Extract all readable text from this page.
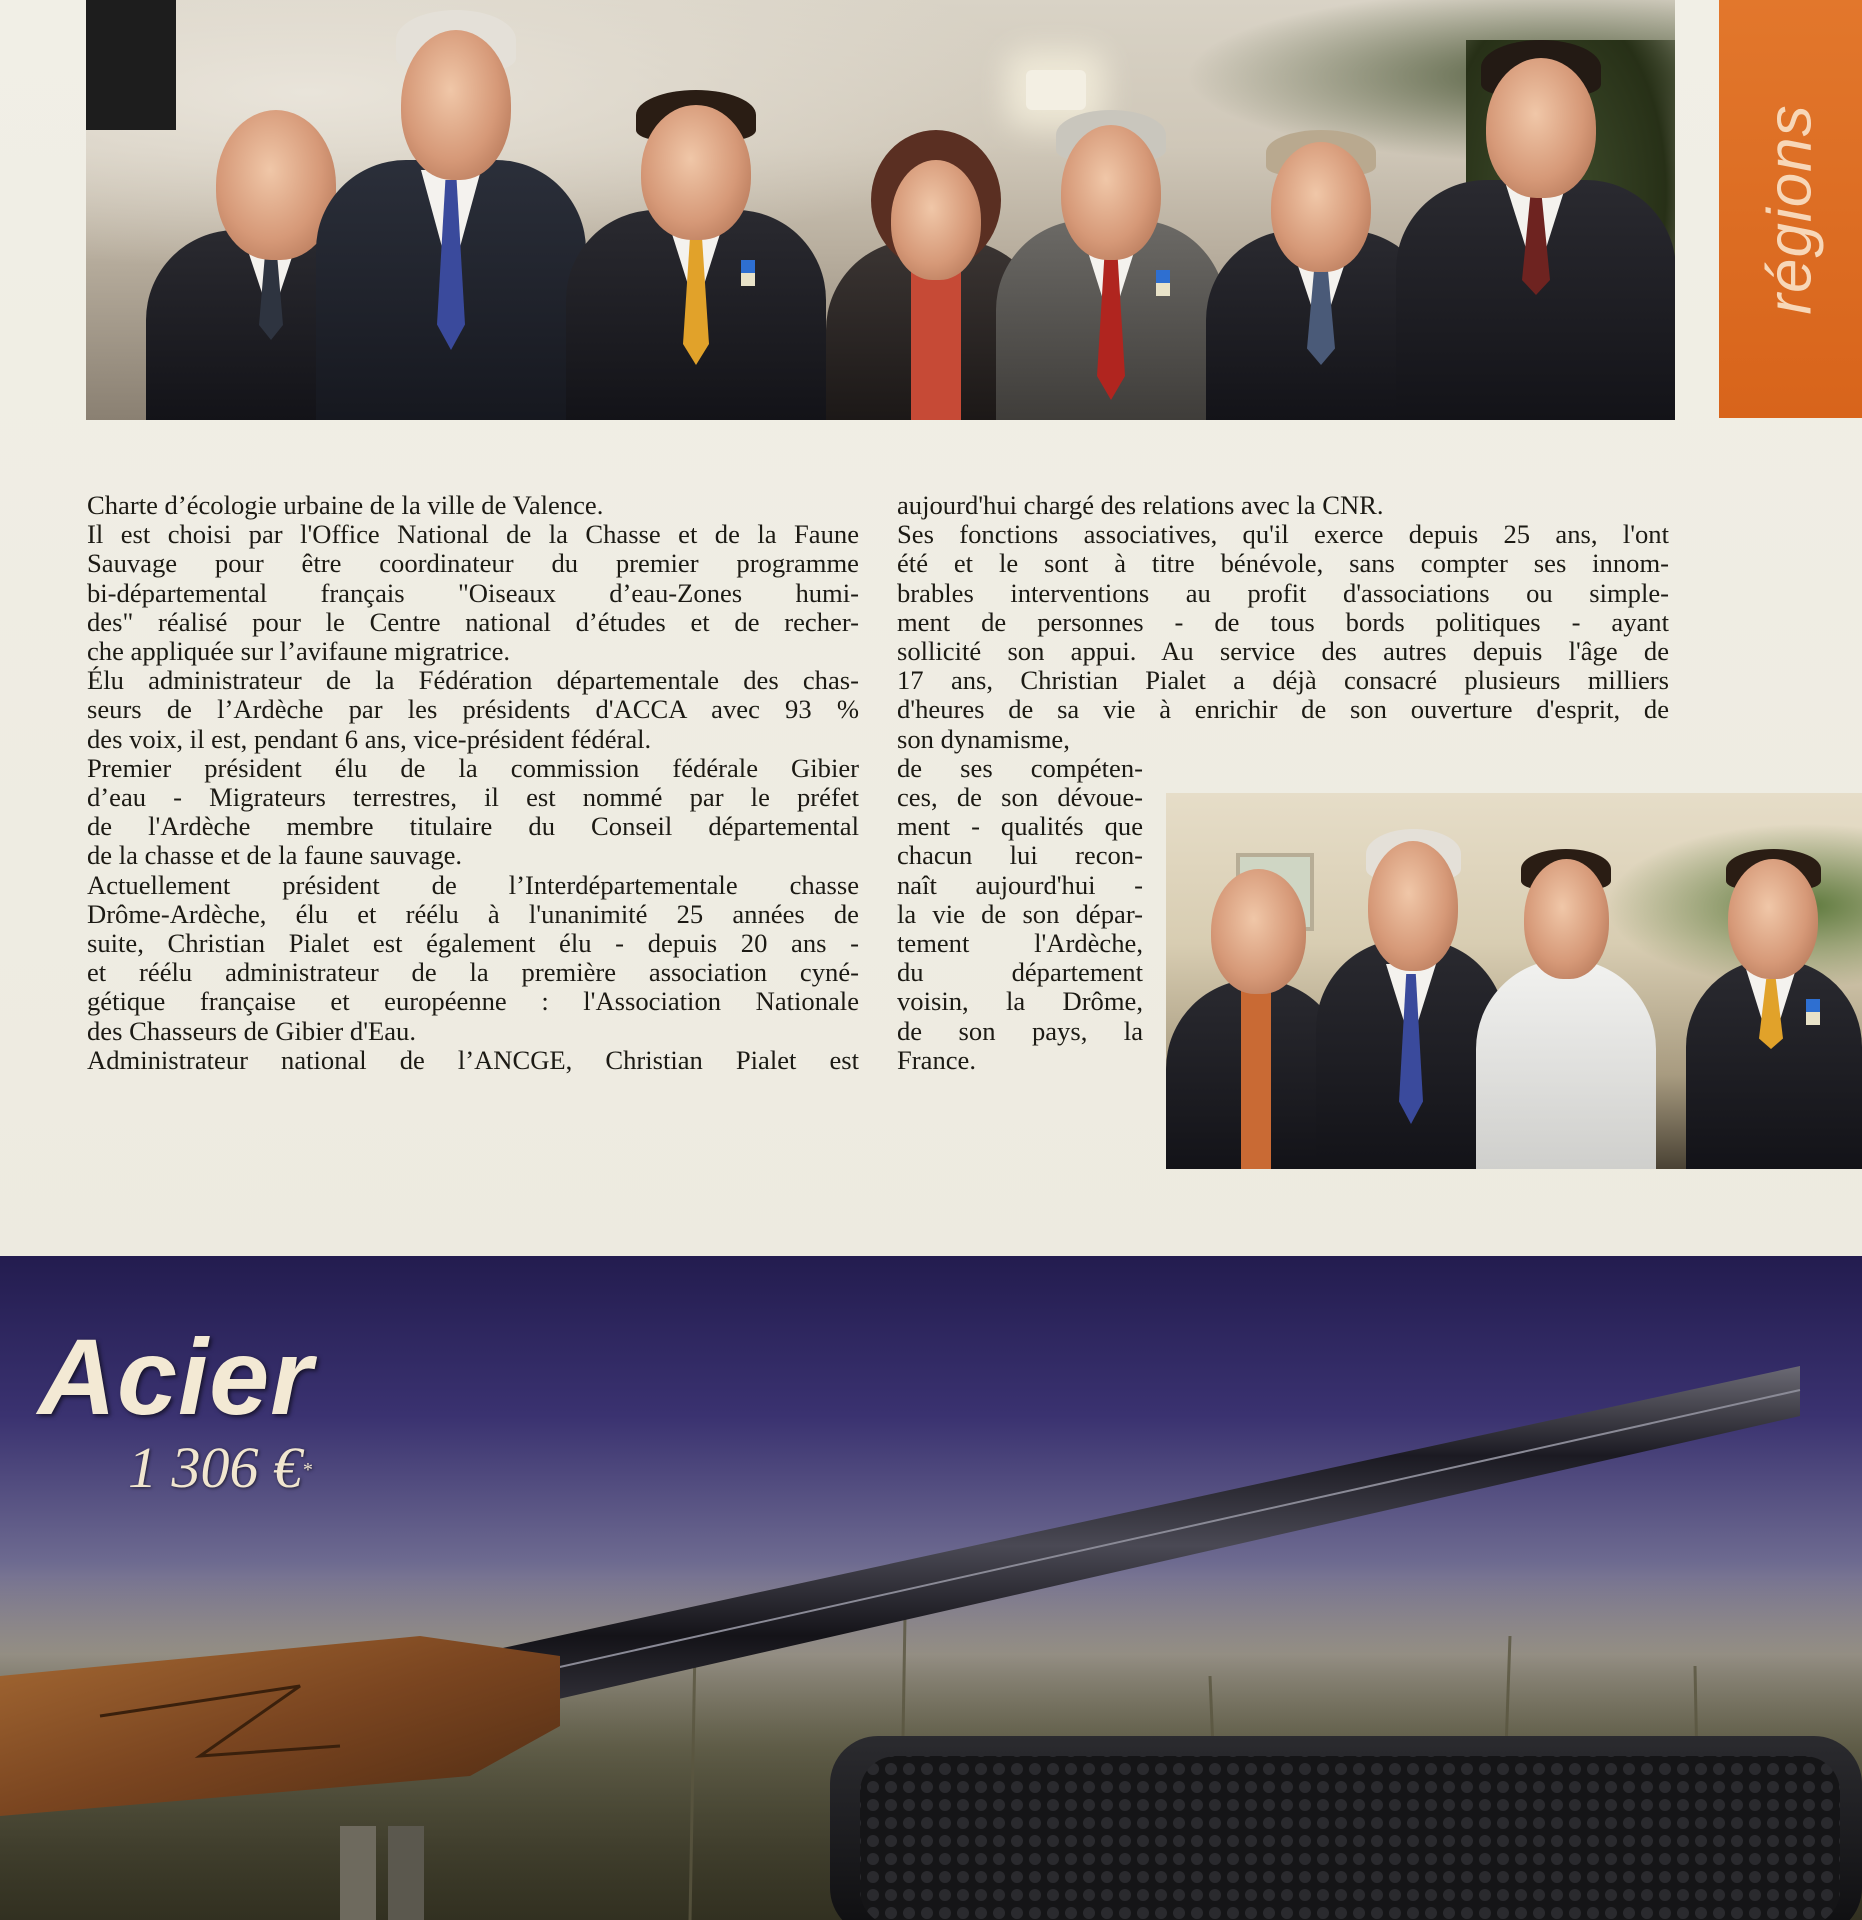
régions
Charte d’écologie urbaine de la ville de Valence.
Il est choisi par l'Office National de la Chasse et de la Faune
Sauvage pour être coordinateur du premier programme
bi-départemental français "Oiseaux d’eau-Zones humi-
des" réalisé pour le Centre national d’études et de recher-
che appliquée sur l’avifaune migratrice.
Élu administrateur de la Fédération départementale des chas-
seurs de l’Ardèche par les présidents d'ACCA avec 93 %
des voix, il est, pendant 6 ans, vice-président fédéral.
Premier président élu de la commission fédérale Gibier
d’eau - Migrateurs terrestres, il est nommé par le préfet
de l'Ardèche membre titulaire du Conseil départemental
de la chasse et de la faune sauvage.
Actuellement président de l’Interdépartementale chasse
Drôme-Ardèche, élu et réélu à l'unanimité 25 années de
suite, Christian Pialet est également élu - depuis 20 ans -
et réélu administrateur de la première association cyné-
gétique française et européenne : l'Association Nationale
des Chasseurs de Gibier d'Eau.
Administrateur national de l’ANCGE, Christian Pialet est
aujourd'hui chargé des relations avec la CNR.
Ses fonctions associatives, qu'il exerce depuis 25 ans, l'ont
été et le sont à titre bénévole, sans compter ses innom-
brables interventions au profit d'associations ou simple-
ment de personnes - de tous bords politiques - ayant
sollicité son appui. Au service des autres depuis l'âge de
17 ans, Christian Pialet a déjà consacré plusieurs milliers
d'heures de sa vie à enrichir de son ouverture d'esprit, de
son dynamisme,
de ses compéten-
ces, de son dévoue-
ment - qualités que
chacun lui recon-
naît aujourd'hui -
la vie de son dépar-
tement l'Ardèche,
du département
voisin, la Drôme,
de son pays, la
France.
Acier
1 306 €*
